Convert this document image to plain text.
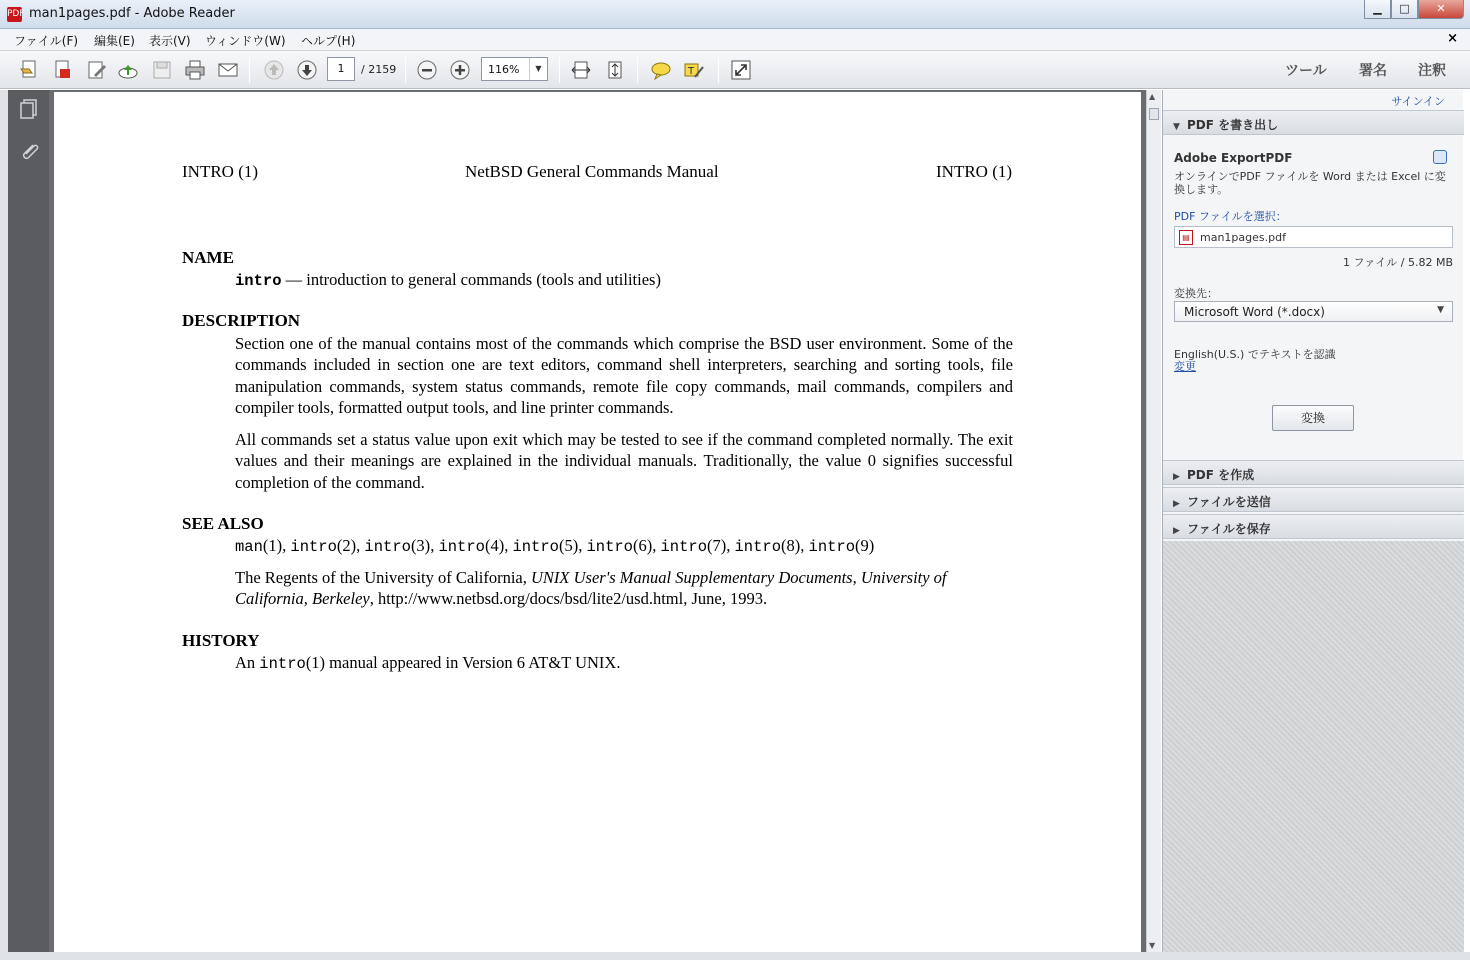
PDF man1pages.pdf - Adobe Reader	▁	□	✕
ファイル(F) 編集(E) 表示(V) ウィンドウ(W) ヘルプ(H)	×
T
1	/ 2159	116%	▼	ツール 署名 注釈
INTRO (1)	NetBSD General Commands Manual	INTRO (1)
NAME
intro — introduction to general commands (tools and utilities)
DESCRIPTION
Section one of the manual contains most of the commands which comprise the BSD user environment. Some of the commands included in section one are text editors, command shell interpreters, searching and sorting tools, file manipulation commands, system status commands, remote file copy commands, mail commands, compilers and compiler tools, formatted output tools, and line printer commands.
All commands set a status value upon exit which may be tested to see if the command completed normally. The exit values and their meanings are explained in the individual manuals. Traditionally, the value 0 signifies successful completion of the command.
SEE ALSO
man(1), intro(2), intro(3), intro(4), intro(5), intro(6), intro(7), intro(8), intro(9)
The Regents of the University of California, UNIX User's Manual Supplementary Documents, University of California, Berkeley, http://www.netbsd.org/docs/bsd/lite2/usd.html, June, 1993.
HISTORY
An intro(1) manual appeared in Version 6 AT&T UNIX.
▲
▼
サインイン
▼ PDF を書き出し
Adobe ExportPDF
オンラインでPDF ファイルを Word または Excel に変換します。
PDF ファイルを選択：
▤ man1pages.pdf
1 ファイル / 5.82 MB
変換先：
Microsoft Word (*.docx)	▼
English(U.S.) でテキストを認識
変更
変換
▶ PDF を作成
▶ ファイルを送信
▶ ファイルを保存
